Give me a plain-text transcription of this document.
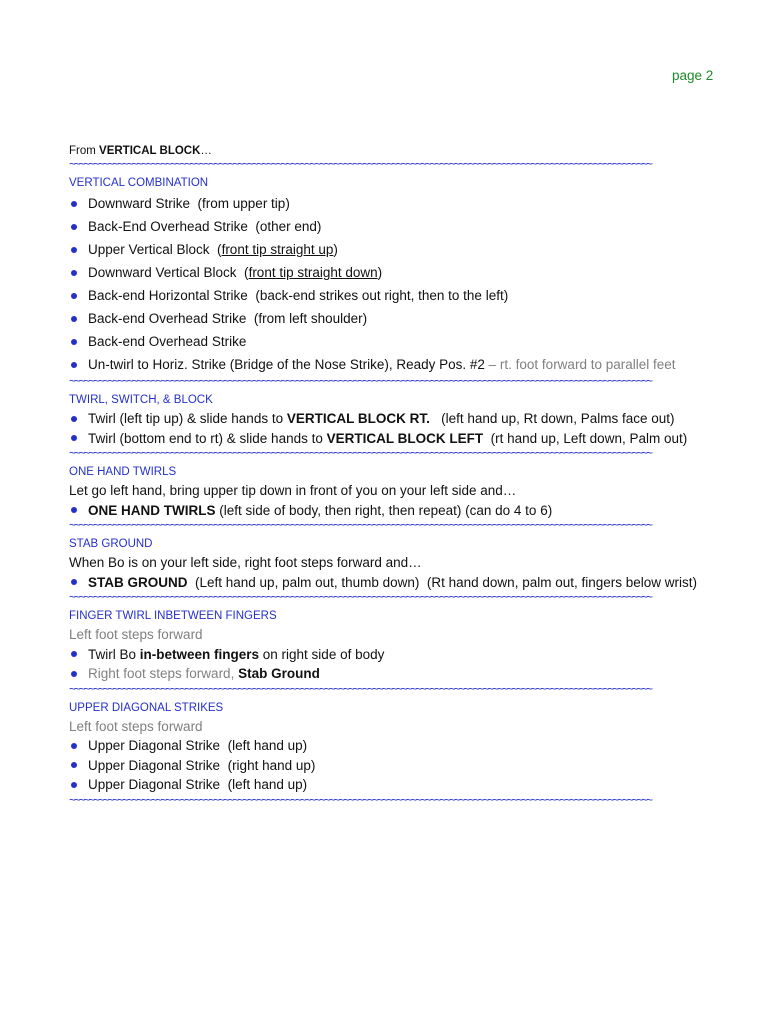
page 2
From VERTICAL BLOCK…
~~~~~~~~~~~~~~~~~~~~~~~~~~~~~~~~~~~~~~~~~~~~~~~~~~~~~~~~~~~~~~~~~~~~~~~~~~~~~~~~~~~~~~~~~~~~~~~~~~~~~~~~~~~~~~~~~~~~~~~~~
VERTICAL COMBINATION
Downward Strike  (from upper tip)
Back-End Overhead Strike  (other end)
Upper Vertical Block  ( front tip straight up )
Downward Vertical Block  ( front tip straight down )
Back-end Horizontal Strike  (back-end strikes out right, then to the left)
Back-end Overhead Strike  (from left shoulder)
Back-end Overhead Strike
Un-twirl to Horiz. Strike (Bridge of the Nose Strike), Ready Pos. #2 – rt. foot forward to parallel feet
~~~~~~~~~~~~~~~~~~~~~~~~~~~~~~~~~~~~~~~~~~~~~~~~~~~~~~~~~~~~~~~~~~~~~~~~~~~~~~~~~~~~~~~~~~~~~~~~~~~~~~~~~~~~~~~~~~~~~~~~~
TWIRL, SWITCH, & BLOCK
Twirl (left tip up) & slide hands to VERTICAL BLOCK RT. (left hand up, Rt down, Palms face out)
Twirl (bottom end to rt) & slide hands to VERTICAL BLOCK LEFT (rt hand up, Left down, Palm out)
~~~~~~~~~~~~~~~~~~~~~~~~~~~~~~~~~~~~~~~~~~~~~~~~~~~~~~~~~~~~~~~~~~~~~~~~~~~~~~~~~~~~~~~~~~~~~~~~~~~~~~~~~~~~~~~~~~~~~~~~~
ONE HAND TWIRLS
Let go left hand, bring upper tip down in front of you on your left side and…
ONE HAND TWIRLS (left side of body, then right, then repeat) (can do 4 to 6)
~~~~~~~~~~~~~~~~~~~~~~~~~~~~~~~~~~~~~~~~~~~~~~~~~~~~~~~~~~~~~~~~~~~~~~~~~~~~~~~~~~~~~~~~~~~~~~~~~~~~~~~~~~~~~~~~~~~~~~~~~
STAB GROUND
When Bo is on your left side, right foot steps forward and…
STAB GROUND (Left hand up, palm out, thumb down)  (Rt hand down, palm out, fingers below wrist)
~~~~~~~~~~~~~~~~~~~~~~~~~~~~~~~~~~~~~~~~~~~~~~~~~~~~~~~~~~~~~~~~~~~~~~~~~~~~~~~~~~~~~~~~~~~~~~~~~~~~~~~~~~~~~~~~~~~~~~~~~
FINGER TWIRL INBETWEEN FINGERS
Left foot steps forward
Twirl Bo in-between fingers on right side of body
Right foot steps forward, Stab Ground
~~~~~~~~~~~~~~~~~~~~~~~~~~~~~~~~~~~~~~~~~~~~~~~~~~~~~~~~~~~~~~~~~~~~~~~~~~~~~~~~~~~~~~~~~~~~~~~~~~~~~~~~~~~~~~~~~~~~~~~~~
UPPER DIAGONAL STRIKES
Left foot steps forward
Upper Diagonal Strike  (left hand up)
Upper Diagonal Strike  (right hand up)
Upper Diagonal Strike  (left hand up)
~~~~~~~~~~~~~~~~~~~~~~~~~~~~~~~~~~~~~~~~~~~~~~~~~~~~~~~~~~~~~~~~~~~~~~~~~~~~~~~~~~~~~~~~~~~~~~~~~~~~~~~~~~~~~~~~~~~~~~~~~
